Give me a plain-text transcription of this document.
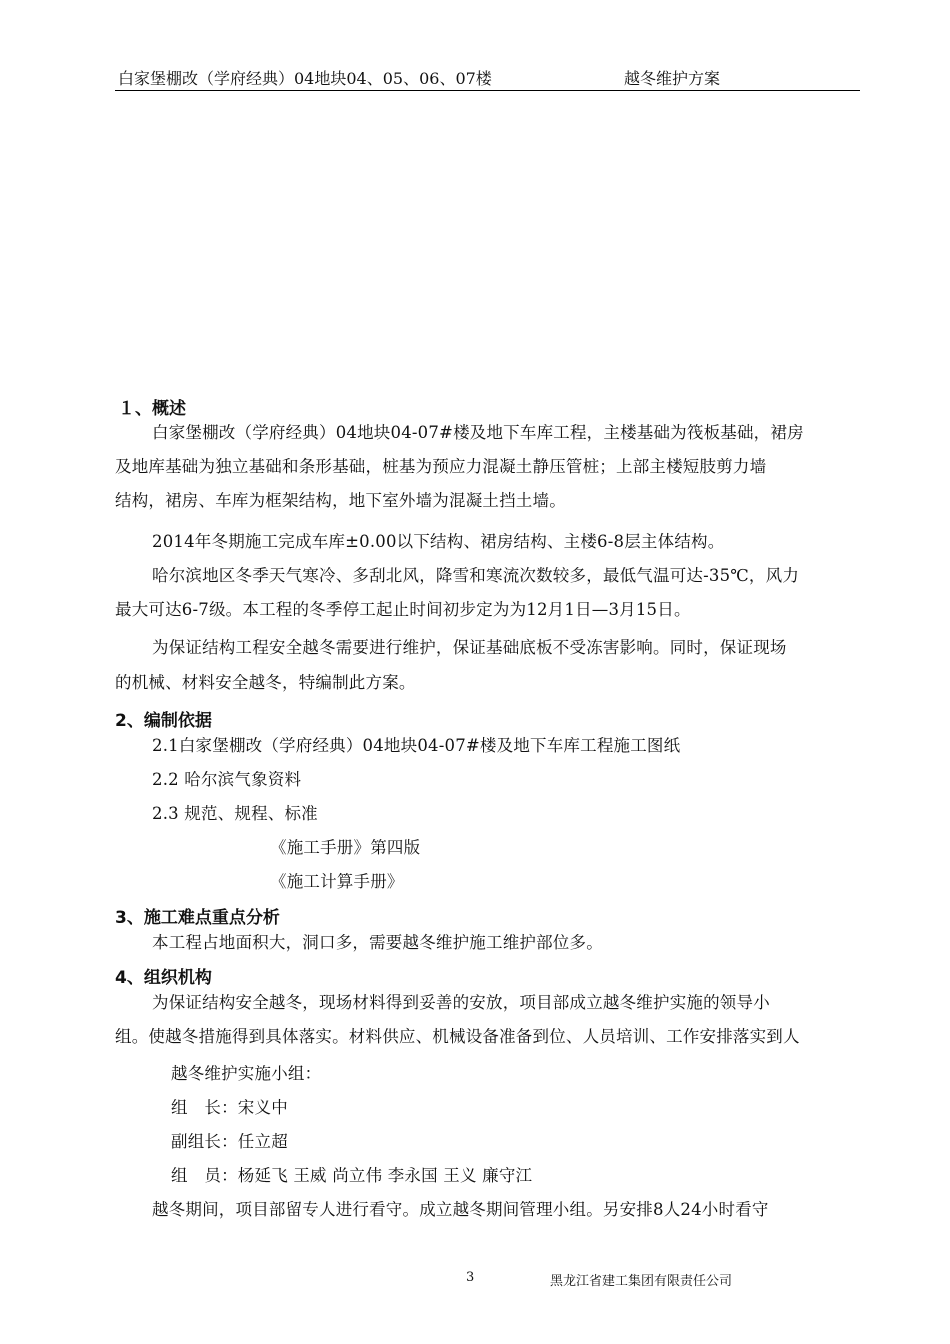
白家堡棚改（学府经典）04地块04、05、06、07楼	越冬维护方案
１、概述
白家堡棚改（学府经典）04地块04-07#楼及地下车库工程，主楼基础为筏板基础，裙房
及地库基础为独立基础和条形基础，桩基为预应力混凝土静压管桩；上部主楼短肢剪力墙
结构，裙房、车库为框架结构，地下室外墙为混凝土挡土墙。
2014年冬期施工完成车库±0.00以下结构、裙房结构、主楼6-8层主体结构。
哈尔滨地区冬季天气寒冷、多刮北风，降雪和寒流次数较多，最低气温可达-35℃，风力
最大可达6-7级。本工程的冬季停工起止时间初步定为为12月1日—3月15日。
为保证结构工程安全越冬需要进行维护，保证基础底板不受冻害影响。同时，保证现场
的机械、材料安全越冬，特编制此方案。
2、编制依据
2.1白家堡棚改（学府经典）04地块04-07#楼及地下车库工程施工图纸
2.2 哈尔滨气象资料
2.3 规范、规程、标准
《施工手册》第四版
《施工计算手册》
3、施工难点重点分析
本工程占地面积大，洞口多，需要越冬维护施工维护部位多。
4、组织机构
为保证结构安全越冬，现场材料得到妥善的安放，项目部成立越冬维护实施的领导小
组。使越冬措施得到具体落实。材料供应、机械设备准备到位、人员培训、工作安排落实到人
越冬维护实施小组：
组　长：宋义中
副组长：任立超
组　员：杨延飞 王威 尚立伟 李永国 王义 廉守江
越冬期间，项目部留专人进行看守。成立越冬期间管理小组。另安排8人24小时看守
3	黑龙江省建工集团有限责任公司
